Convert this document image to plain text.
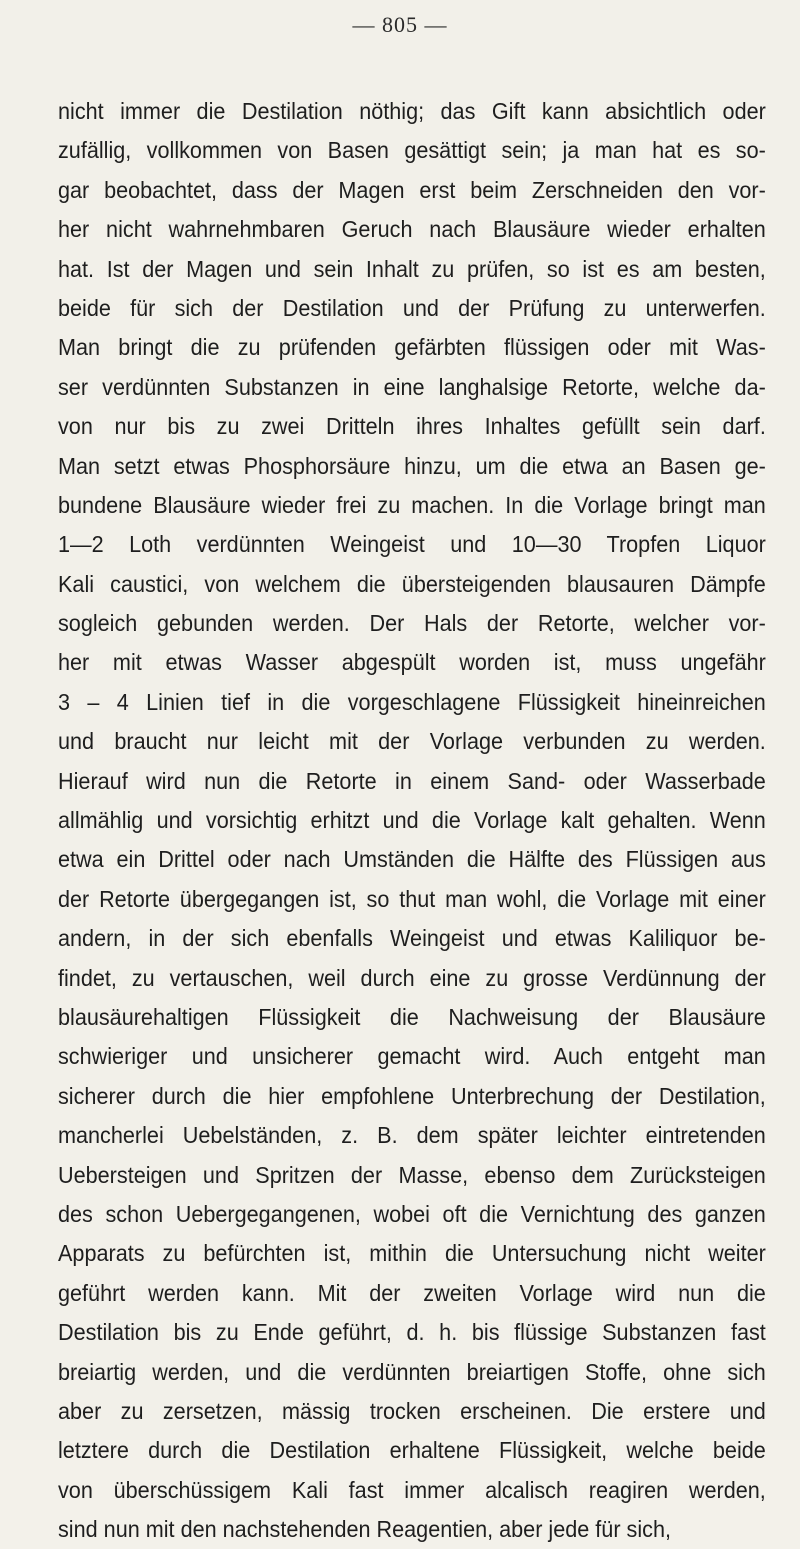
— 805 —
nicht immer die Destilation nöthig; das Gift kann absichtlich oder
zufällig, vollkommen von Basen gesättigt sein; ja man hat es so-
gar beobachtet, dass der Magen erst beim Zerschneiden den vor-
her nicht wahrnehmbaren Geruch nach Blausäure wieder erhalten
hat. Ist der Magen und sein Inhalt zu prüfen, so ist es am besten,
beide für sich der Destilation und der Prüfung zu unterwerfen.
Man bringt die zu prüfenden gefärbten flüssigen oder mit Was-
ser verdünnten Substanzen in eine langhalsige Retorte, welche da-
von nur bis zu zwei Dritteln ihres Inhaltes gefüllt sein darf.
Man setzt etwas Phosphorsäure hinzu, um die etwa an Basen ge-
bundene Blausäure wieder frei zu machen. In die Vorlage bringt man
1—2 Loth verdünnten Weingeist und 10—30 Tropfen Liquor
Kali caustici, von welchem die übersteigenden blausauren Dämpfe
sogleich gebunden werden. Der Hals der Retorte, welcher vor-
her mit etwas Wasser abgespült worden ist, muss ungefähr
3 – 4 Linien tief in die vorgeschlagene Flüssigkeit hineinreichen
und braucht nur leicht mit der Vorlage verbunden zu werden.
Hierauf wird nun die Retorte in einem Sand- oder Wasserbade
allmählig und vorsichtig erhitzt und die Vorlage kalt gehalten. Wenn
etwa ein Drittel oder nach Umständen die Hälfte des Flüssigen aus
der Retorte übergegangen ist, so thut man wohl, die Vorlage mit einer
andern, in der sich ebenfalls Weingeist und etwas Kaliliquor be-
findet, zu vertauschen, weil durch eine zu grosse Verdünnung der
blausäurehaltigen Flüssigkeit die Nachweisung der Blausäure
schwieriger und unsicherer gemacht wird. Auch entgeht man
sicherer durch die hier empfohlene Unterbrechung der Destilation,
mancherlei Uebelständen, z. B. dem später leichter eintretenden
Uebersteigen und Spritzen der Masse, ebenso dem Zurücksteigen
des schon Uebergegangenen, wobei oft die Vernichtung des ganzen
Apparats zu befürchten ist, mithin die Untersuchung nicht weiter
geführt werden kann. Mit der zweiten Vorlage wird nun die
Destilation bis zu Ende geführt, d. h. bis flüssige Substanzen fast
breiartig werden, und die verdünnten breiartigen Stoffe, ohne sich
aber zu zersetzen, mässig trocken erscheinen. Die erstere und
letztere durch die Destilation erhaltene Flüssigkeit, welche beide
von überschüssigem Kali fast immer alcalisch reagiren werden,
sind nun mit den nachstehenden Reagentien, aber jede für sich,
